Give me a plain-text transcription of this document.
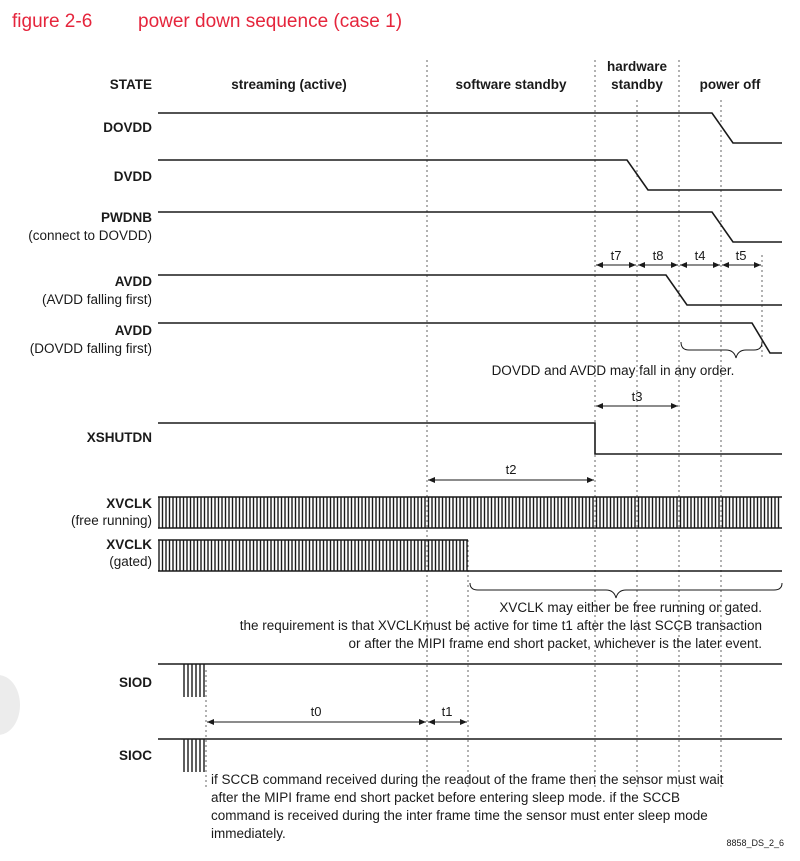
figure 2-6 power down sequence (case 1)
STATE	streaming (active)	software standby
hardware
standby	power off
DOVDD
DVDD
PWDNB
(connect to DOVDD)
AVDD
(AVDD falling first)
AVDD
(DOVDD falling first)
XSHUTDN
XVCLK
(free running)
XVCLK
(gated)
SIOD
SIOC
t7 t8 t4 t5
t3
t2
t0	t1
DOVDD and AVDD may fall in any order.
XVCLK may either be free running or gated.
the requirement is that XVCLKmust be active for time t1 after the last SCCB transaction
or after the MIPI frame end short packet, whichever is the later event.
if SCCB command received during the readout of the frame then the sensor must wait
after the MIPI frame end short packet before entering sleep mode. if the SCCB
command is received during the inter frame time the sensor must enter sleep mode
immediately.
8858_DS_2_6
